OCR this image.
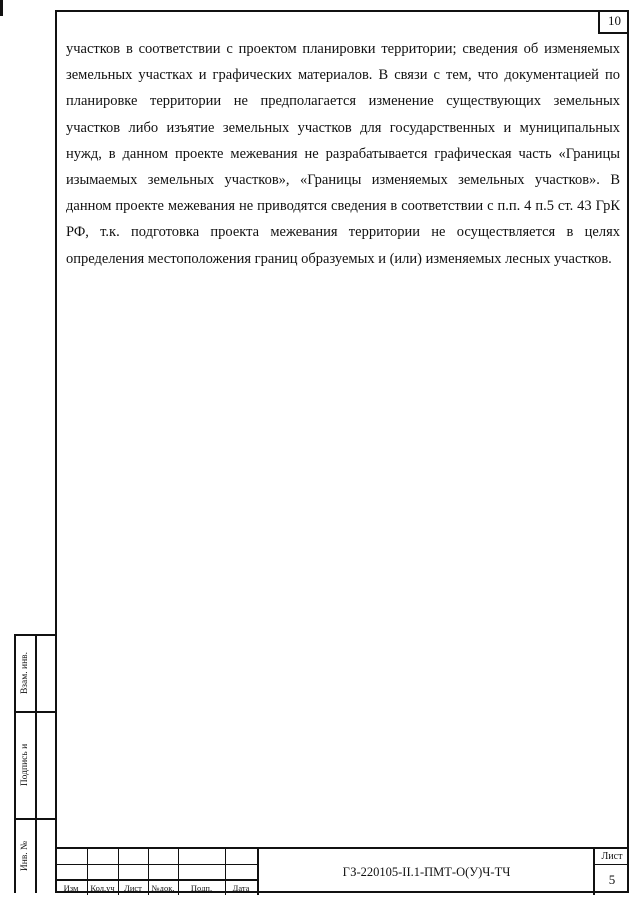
10

участков в соответствии с проектом планировки территории; сведения об изменяемых земельных участках и графических материалов. В связи с тем, что документацией по планировке территории не предполагается изменение существующих земельных участков либо изъятие земельных участков для государственных и муниципальных нужд, в данном проекте межевания не разрабатывается графическая часть «Границы изымаемых земельных участков», «Границы изменяемых земельных участков». В данном проекте межевания не приводятся сведения в соответствии с п.п. 4 п.5 ст. 43 ГрК РФ, т.к. подготовка проекта межевания территории не осуществляется в целях определения местоположения границ образуемых и (или) изменяемых лесных участков.

Взам. инв.
Подпись и
Инв. №
Изм	Кол.уч	Лист	№док.	Подп.	Дата
ГЗ-220105-II.1-ПМТ-О(У)Ч-ТЧ
Лист
5
